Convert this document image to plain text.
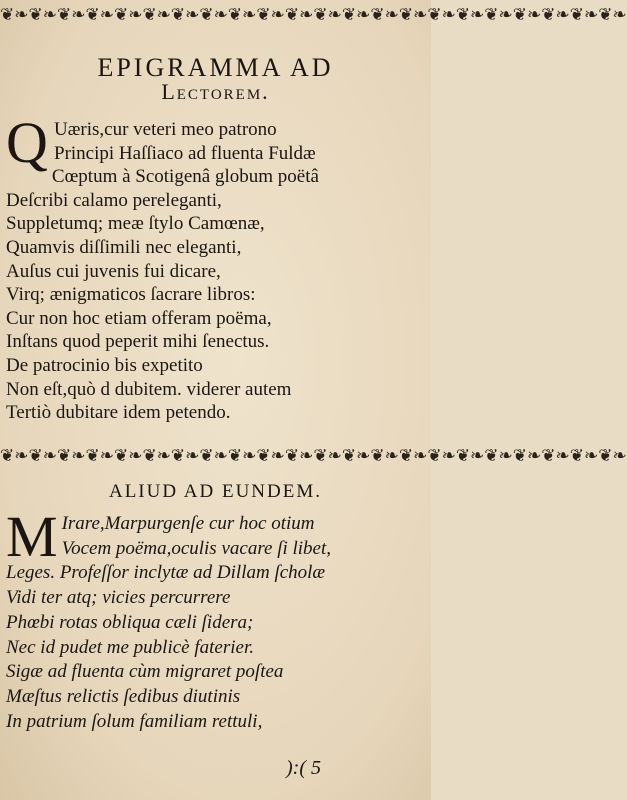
❦❧❦❧❦❧❦❧❦❧❦❧❦❧❦❧❦❧❦❧❦❧❦❧❦❧❦❧❦❧❦❧❦❧❦❧❦❧❦❧❦❧❦❧
EPIGRAMMA AD
Lectorem.
Q Uæris,cur veteri meo patrono
Principi Haſſiaco ad fluenta Fuldæ
Cœptum à Scotigenâ globum poëtâ
Deſcribi calamo pereleganti,
Suppletumq; meæ ſtylo Camœnæ,
Quamvis diſſimili nec eleganti,
Auſus cui juvenis fui dicare,
Virq; ænigmaticos ſacrare libros:
Cur non hoc etiam offeram poëma,
Inſtans quod peperit mihi ſenectus.
De patrocinio bis expetito
Non eſt,quò d dubitem. viderer autem
Tertiò dubitare idem petendo.
❦❧❦❧❦❧❦❧❦❧❦❧❦❧❦❧❦❧❦❧❦❧❦❧❦❧❦❧❦❧❦❧❦❧❦❧❦❧❦❧❦❧❦❧
ALIUD AD EUNDEM.
M Irare,Marpurgenſe cur hoc otium
Vocem poëma,oculis vacare ſi libet,
Leges. Profeſſor inclytæ ad Dillam ſcholæ
Vidi ter atq; vicies percurrere
Phœbi rotas obliqua cæli ſidera;
Nec id pudet me publicè faterier.
Sigæ ad fluenta cùm migraret poſtea
Mæſtus relictis ſedibus diutinis
In patrium ſolum familiam rettuli,
):( 5
